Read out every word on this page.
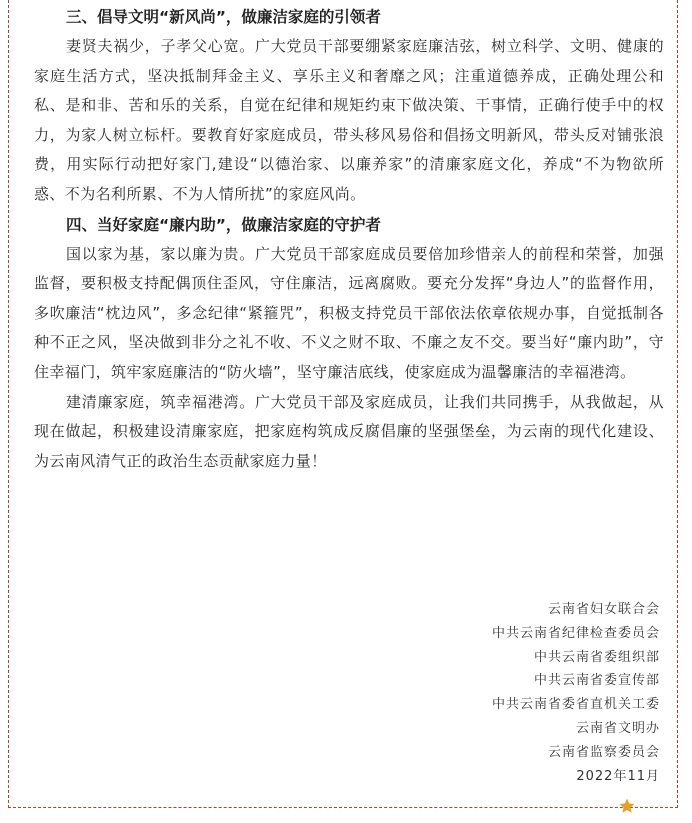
三、倡导文明“新风尚”，做廉洁家庭的引领者

妻贤夫祸少，子孝父心宽。广大党员干部要绷紧家庭廉洁弦，树立科学、文明、健康的家庭生活方式，坚决抵制拜金主义、享乐主义和奢靡之风；注重道德养成，正确处理公和私、是和非、苦和乐的关系，自觉在纪律和规矩约束下做决策、干事情，正确行使手中的权力，为家人树立标杆。要教育好家庭成员，带头移风易俗和倡扬文明新风，带头反对铺张浪费，用实际行动把好家门,建设“以德治家、以廉养家”的清廉家庭文化，养成“不为物欲所惑、不为名利所累、不为人情所扰”的家庭风尚。

四、当好家庭“廉内助”，做廉洁家庭的守护者

国以家为基，家以廉为贵。广大党员干部家庭成员要倍加珍惜亲人的前程和荣誉，加强监督，要积极支持配偶顶住歪风，守住廉洁，远离腐败。要充分发挥“身边人”的监督作用，多吹廉洁“枕边风”，多念纪律“紧箍咒”，积极支持党员干部依法依章依规办事，自觉抵制各种不正之风，坚决做到非分之礼不收、不义之财不取、不廉之友不交。要当好“廉内助”，守住幸福门，筑牢家庭廉洁的“防火墙”，坚守廉洁底线，使家庭成为温馨廉洁的幸福港湾。

建清廉家庭，筑幸福港湾。广大党员干部及家庭成员，让我们共同携手，从我做起，从现在做起，积极建设清廉家庭，把家庭构筑成反腐倡廉的坚强堡垒，为云南的现代化建设、为云南风清气正的政治生态贡献家庭力量！

云南省妇女联合会
中共云南省纪律检查委员会
中共云南省委组织部
中共云南省委宣传部
中共云南省委省直机关工委
云南省文明办
云南省监察委员会
2022年11月
